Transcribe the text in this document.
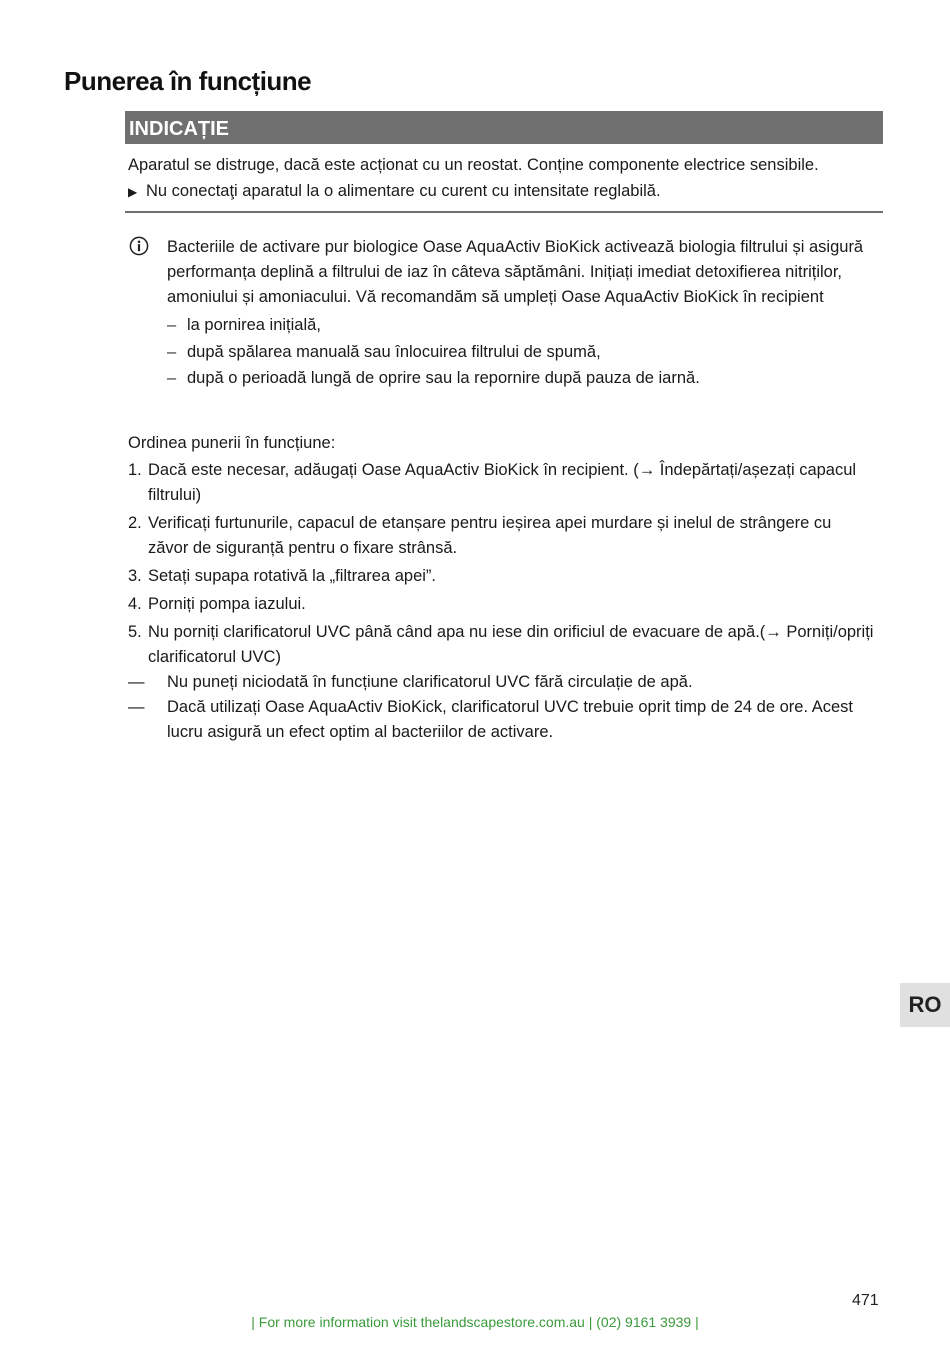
Punerea în funcțiune
INDICAȚIE
Aparatul se distruge, dacă este acționat cu un reostat. Conține componente electrice sensibile.
▶ Nu conectaţi aparatul la o alimentare cu curent cu intensitate reglabilă.
Bacteriile de activare pur biologice Oase AquaActiv BioKick activează biologia filtrului și asigură performanța deplină a filtrului de iaz în câteva săptămâni. Inițiați imediat detoxifierea nitriților, amoniului și amoniacului. Vă recomandăm să umpleți Oase AquaActiv BioKick în recipient
– la pornirea inițială,
– după spălarea manuală sau înlocuirea filtrului de spumă,
– după o perioadă lungă de oprire sau la repornire după pauza de iarnă.
Ordinea punerii în funcțiune:
1. Dacă este necesar, adăugați Oase AquaActiv BioKick în recipient. (→ Îndepărtați/așezați capacul filtrului)
2. Verificați furtunurile, capacul de etanșare pentru ieșirea apei murdare și inelul de strângere cu zăvor de siguranță pentru o fixare strânsă.
3. Setați supapa rotativă la „filtrarea apei”.
4. Porniți pompa iazului.
5. Nu porniți clarificatorul UVC până când apa nu iese din orificiul de evacuare de apă.(→ Porniți/opriți clarificatorul UVC)
—	Nu puneți niciodată în funcțiune clarificatorul UVC fără circulație de apă.
—	Dacă utilizați Oase AquaActiv BioKick, clarificatorul UVC trebuie oprit timp de 24 de ore. Acest lucru asigură un efect optim al bacteriilor de activare.
RO
471
| For more information visit thelandscapestore.com.au | (02) 9161 3939 |
